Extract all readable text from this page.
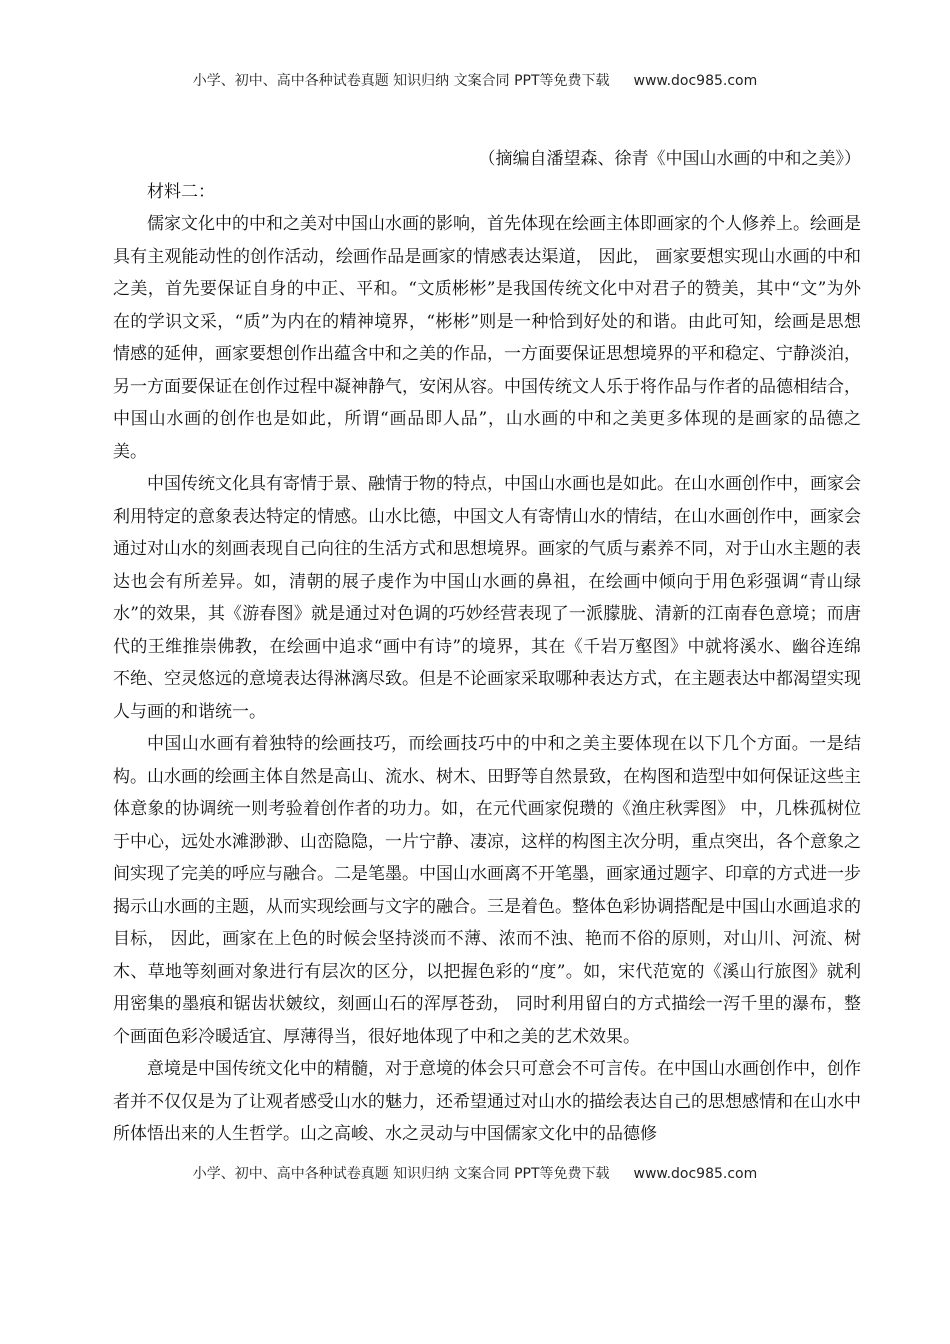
小学、初中、高中各种试卷真题 知识归纳 文案合同 PPT等免费下载 www.doc985.com

（摘编自潘望森、徐青《中国山水画的中和之美》）

材料二：

儒家文化中的中和之美对中国山水画的影响，首先体现在绘画主体即画家的个人修养上。绘画是具有主观能动性的创作活动，绘画作品是画家的情感表达渠道， 因此， 画家要想实现山水画的中和之美，首先要保证自身的中正、平和。“文质彬彬”是我国传统文化中对君子的赞美，其中“文”为外在的学识文采，“质”为内在的精神境界，“彬彬”则是一种恰到好处的和谐。由此可知，绘画是思想情感的延伸，画家要想创作出蕴含中和之美的作品，一方面要保证思想境界的平和稳定、宁静淡泊，另一方面要保证在创作过程中凝神静气，安闲从容。中国传统文人乐于将作品与作者的品德相结合，中国山水画的创作也是如此，所谓“画品即人品”，山水画的中和之美更多体现的是画家的品德之美。

中国传统文化具有寄情于景、融情于物的特点，中国山水画也是如此。在山水画创作中，画家会利用特定的意象表达特定的情感。山水比德，中国文人有寄情山水的情结，在山水画创作中，画家会通过对山水的刻画表现自己向往的生活方式和思想境界。画家的气质与素养不同，对于山水主题的表达也会有所差异。如，清朝的展子虔作为中国山水画的鼻祖，在绘画中倾向于用色彩强调“青山绿水”的效果，其《游春图》就是通过对色调的巧妙经营表现了一派朦胧、清新的江南春色意境；而唐代的王维推崇佛教，在绘画中追求“画中有诗”的境界，其在《千岩万壑图》中就将溪水、幽谷连绵不绝、空灵悠远的意境表达得淋漓尽致。但是不论画家采取哪种表达方式，在主题表达中都渴望实现人与画的和谐统一。

中国山水画有着独特的绘画技巧，而绘画技巧中的中和之美主要体现在以下几个方面。一是结构。山水画的绘画主体自然是高山、流水、树木、田野等自然景致，在构图和造型中如何保证这些主体意象的协调统一则考验着创作者的功力。如，在元代画家倪瓒的《渔庄秋霁图》 中，几株孤树位于中心，远处水滩渺渺、山峦隐隐，一片宁静、凄凉，这样的构图主次分明，重点突出，各个意象之间实现了完美的呼应与融合。二是笔墨。中国山水画离不开笔墨，画家通过题字、印章的方式进一步揭示山水画的主题，从而实现绘画与文字的融合。三是着色。整体色彩协调搭配是中国山水画追求的目标， 因此，画家在上色的时候会坚持淡而不薄、浓而不浊、艳而不俗的原则，对山川、河流、树木、草地等刻画对象进行有层次的区分，以把握色彩的“度”。如，宋代范宽的《溪山行旅图》就利用密集的墨痕和锯齿状皴纹，刻画山石的浑厚苍劲， 同时利用留白的方式描绘一泻千里的瀑布，整个画面色彩冷暖适宜、厚薄得当，很好地体现了中和之美的艺术效果。

意境是中国传统文化中的精髓，对于意境的体会只可意会不可言传。在中国山水画创作中，创作者并不仅仅是为了让观者感受山水的魅力，还希望通过对山水的描绘表达自己的思想感情和在山水中所体悟出来的人生哲学。山之高峻、水之灵动与中国儒家文化中的品德修

小学、初中、高中各种试卷真题 知识归纳 文案合同 PPT等免费下载 www.doc985.com
